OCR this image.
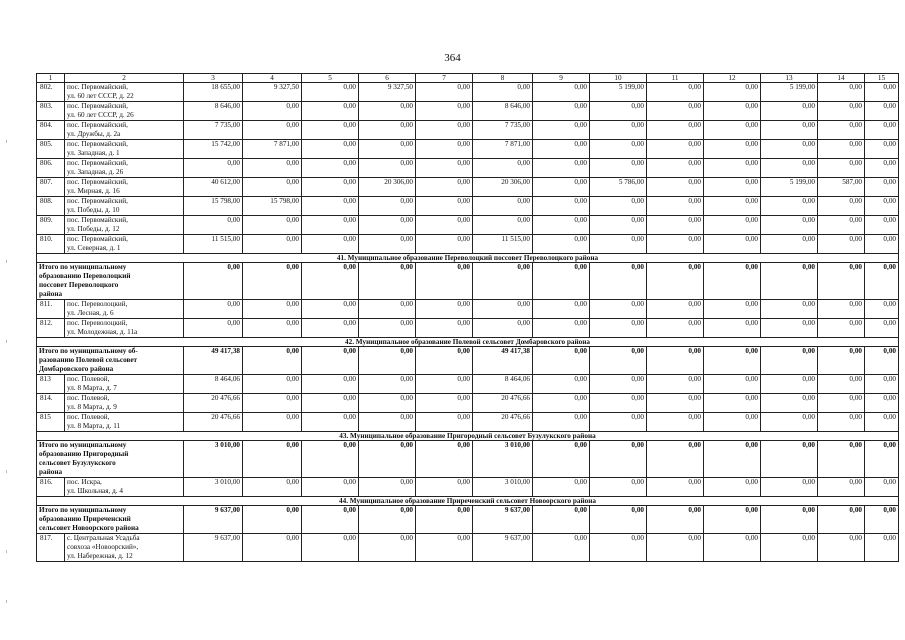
364
1	2	3	4	5	6	7	8	9	10	11	12	13	14	15
802.	пос. Первомайский,
ул. 60 лет СССР, д. 22	18 655,00	9 327,50	0,00	9 327,50	0,00	0,00	0,00	5 199,00	0,00	0,00	5 199,00	0,00	0,00
803.	пос. Первомайский,
ул. 60 лет СССР, д. 26	8 646,00	0,00	0,00	0,00	0,00	8 646,00	0,00	0,00	0,00	0,00	0,00	0,00	0,00
804.	пос. Первомайский,
ул. Дружбы, д. 2а	7 735,00	0,00	0,00	0,00	0,00	7 735,00	0,00	0,00	0,00	0,00	0,00	0,00	0,00
805.	пос. Первомайский,
ул. Западная, д. 1	15 742,00	7 871,00	0,00	0,00	0,00	7 871,00	0,00	0,00	0,00	0,00	0,00	0,00	0,00
806.	пос. Первомайский,
ул. Западная, д. 26	0,00	0,00	0,00	0,00	0,00	0,00	0,00	0,00	0,00	0,00	0,00	0,00	0,00
807.	пос. Первомайский,
ул. Мирная, д. 16	40 612,00	0,00	0,00	20 306,00	0,00	20 306,00	0,00	5 786,00	0,00	0,00	5 199,00	587,00	0,00
808.	пос. Первомайский,
ул. Победы, д. 10	15 798,00	15 798,00	0,00	0,00	0,00	0,00	0,00	0,00	0,00	0,00	0,00	0,00	0,00
809.	пос. Первомайский,
ул. Победы, д. 12	0,00	0,00	0,00	0,00	0,00	0,00	0,00	0,00	0,00	0,00	0,00	0,00	0,00
810.	пос. Первомайский,
ул. Северная, д. 1	11 515,00	0,00	0,00	0,00	0,00	11 515,00	0,00	0,00	0,00	0,00	0,00	0,00	0,00
41. Муниципальное образование Переволоцкий поссовет Переволоцкого района														

Итого по муниципальному
образованию Переволоцкий
поссовет Переволоцкого
района		0,00	0,00	0,00	0,00	0,00	0,00	0,00	0,00	0,00	0,00	0,00	0,00	0,00
811.	пос. Переволоцкий,
ул. Лесная, д. 6	0,00	0,00	0,00	0,00	0,00	0,00	0,00	0,00	0,00	0,00	0,00	0,00	0,00
812.	пос. Переволоцкий,
ул. Молодежная, д. 11а	0,00	0,00	0,00	0,00	0,00	0,00	0,00	0,00	0,00	0,00	0,00	0,00	0,00
42. Муниципальное образование Полевой сельсовет Домбаровского района														

Итого по муниципальному об-
разованию Полевой сельсовет
Домбаровского района		49 417,38	0,00	0,00	0,00	0,00	49 417,38	0,00	0,00	0,00	0,00	0,00	0,00	0,00
813	пос. Полевой,
ул. 8 Марта, д. 7	8 464,06	0,00	0,00	0,00	0,00	8 464,06	0,00	0,00	0,00	0,00	0,00	0,00	0,00
814.	пос. Полевой,
ул. 8 Марта, д. 9	20 476,66	0,00	0,00	0,00	0,00	20 476,66	0,00	0,00	0,00	0,00	0,00	0,00	0,00
815	пос. Полевой,
ул. 8 Марта, д. 11	20 476,66	0,00	0,00	0,00	0,00	20 476,66	0,00	0,00	0,00	0,00	0,00	0,00	0,00
43. Муниципальное образование Пригородный сельсовет Бузулукского района														

Итого по муниципальному
образованию Пригородный
сельсовет Бузулукского
района		3 010,00	0,00	0,00	0,00	0,00	3 010,00	0,00	0,00	0,00	0,00	0,00	0,00	0,00
816.	пос. Искра,
ул. Школьная, д. 4	3 010,00	0,00	0,00	0,00	0,00	3 010,00	0,00	0,00	0,00	0,00	0,00	0,00	0,00
44. Муниципальное образование Приреченский сельсовет Новоорского района														

Итого по муниципальному
образованию Приреченский
сельсовет Новоорского района		9 637,00	0,00	0,00	0,00	0,00	9 637,00	0,00	0,00	0,00	0,00	0,00	0,00	0,00
817.	с. Центральная Усадьба
совхоза «Новоорский»,
ул. Набережная, д. 12	9 637,00	0,00	0,00	0,00	0,00	9 637,00	0,00	0,00	0,00	0,00	0,00	0,00	0,00
